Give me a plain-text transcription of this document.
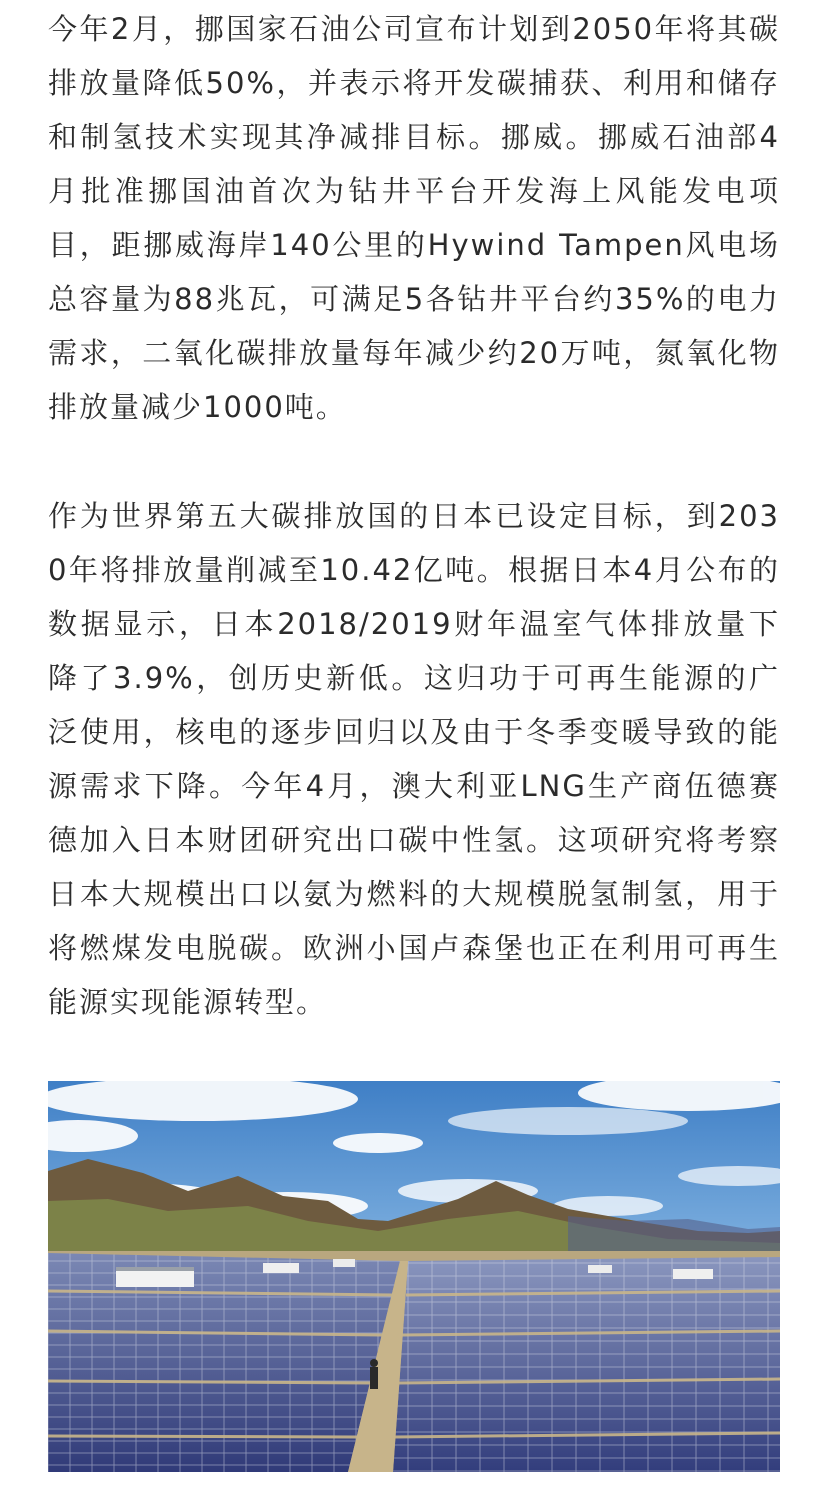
今年2月，挪国家石油公司宣布计划到2050年将其碳排放量降低50%，并表示将开发碳捕获、利用和储存和制氢技术实现其净减排目标。挪威。挪威石油部4月批准挪国油首次为钻井平台开发海上风能发电项目，距挪威海岸140公里的Hywind Tampen风电场总容量为88兆瓦，可满足5各钻井平台约35%的电力需求，二氧化碳排放量每年减少约20万吨，氮氧化物排放量减少1000吨。

作为世界第五大碳排放国的日本已设定目标，到2030年将排放量削减至10.42亿吨。根据日本4月公布的数据显示，日本2018/2019财年温室气体排放量下降了3.9%，创历史新低。这归功于可再生能源的广泛使用，核电的逐步回归以及由于冬季变暖导致的能源需求下降。今年4月，澳大利亚LNG生产商伍德赛德加入日本财团研究出口碳中性氢。这项研究将考察日本大规模出口以氨为燃料的大规模脱氢制氢，用于将燃煤发电脱碳。欧洲小国卢森堡也正在利用可再生能源实现能源转型。
